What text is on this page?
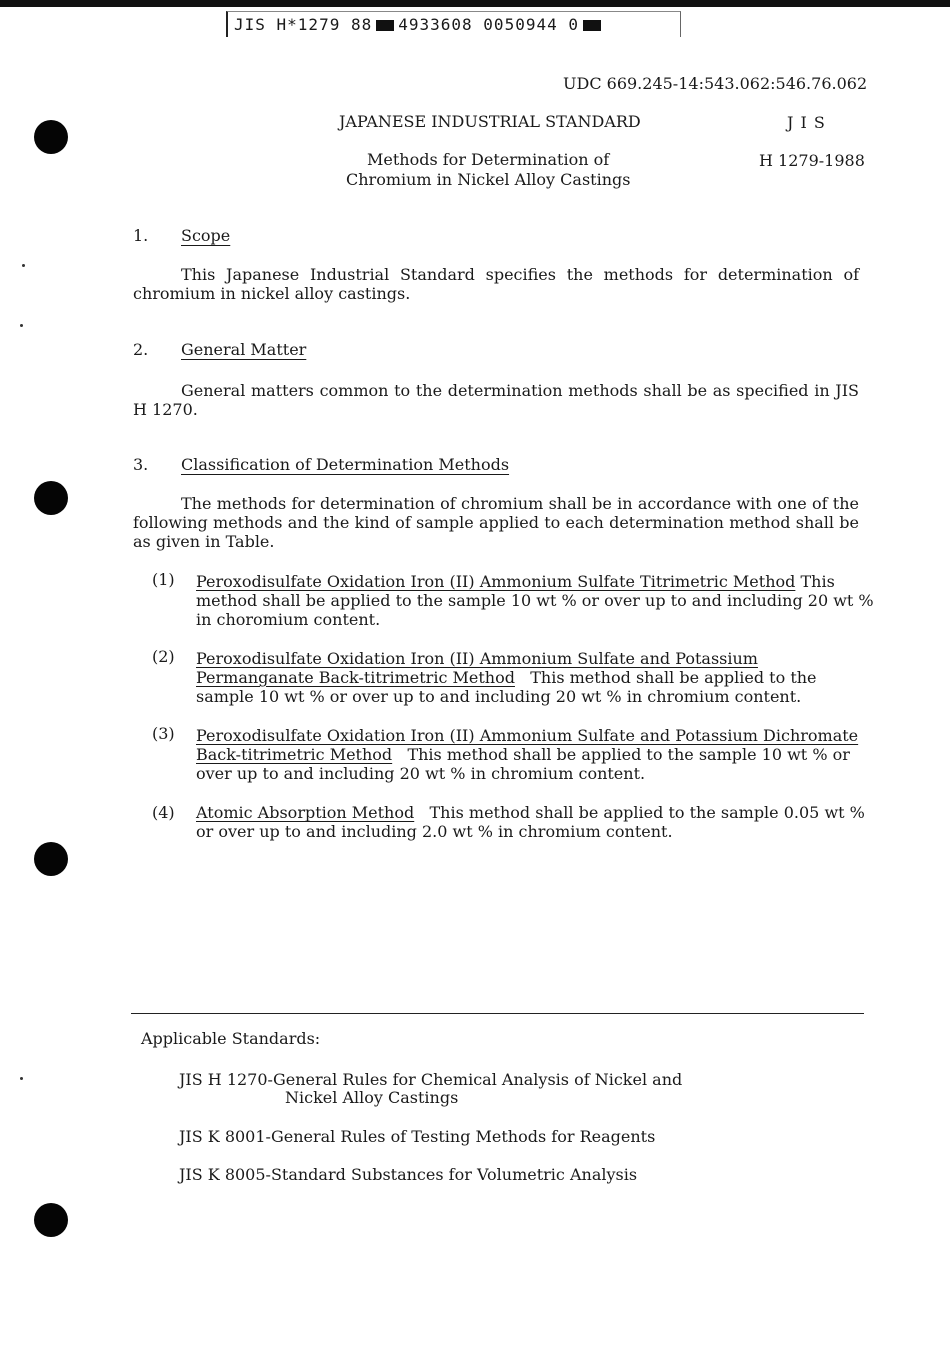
JIS H*1279 88 4933608 0050944 0
UDC 669.245-14:543.062:546.76.062
JAPANESE INDUSTRIAL STANDARD	J I S
Methods for Determination of
Chromium in Nickel Alloy Castings
H 1279-1988
1. Scope
This Japanese Industrial Standard specifies the methods for determination of chromium in nickel alloy castings.
2. General Matter
General matters common to the determination methods shall be as specified in JIS H 1270.
3. Classification of Determination Methods
The methods for determination of chromium shall be in accordance with one of the following methods and the kind of sample applied to each determination method shall be as given in Table.
(1) Peroxodisulfate Oxidation Iron (II) Ammonium Sulfate Titrimetric Method This method shall be applied to the sample 10 wt % or over up to and including 20 wt % in choromium content.
(2) Peroxodisulfate Oxidation Iron (II) Ammonium Sulfate and Potassium Permanganate Back-titrimetric Method This method shall be applied to the sample 10 wt % or over up to and including 20 wt % in chromium content.
(3) Peroxodisulfate Oxidation Iron (II) Ammonium Sulfate and Potassium Dichromate Back-titrimetric Method This method shall be applied to the sample 10 wt % or over up to and including 20 wt % in chromium content.
(4) Atomic Absorption Method This method shall be applied to the sample 0.05 wt % or over up to and including 2.0 wt % in chromium content.
Applicable Standards:
JIS H 1270-General Rules for Chemical Analysis of Nickel and
Nickel Alloy Castings
JIS K 8001-General Rules of Testing Methods for Reagents
JIS K 8005-Standard Substances for Volumetric Analysis
